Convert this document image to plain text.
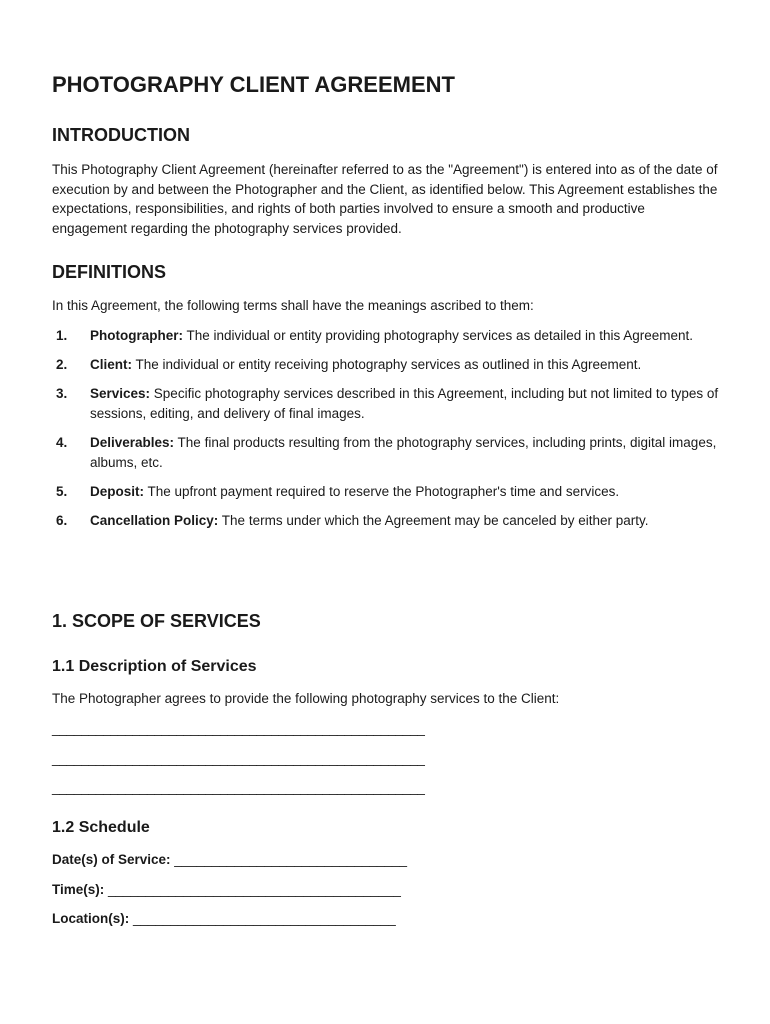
PHOTOGRAPHY CLIENT AGREEMENT
INTRODUCTION

This Photography Client Agreement (hereinafter referred to as the "Agreement") is entered into as of the date of execution by and between the Photographer and the Client, as identified below. This Agreement establishes the expectations, responsibilities, and rights of both parties involved to ensure a smooth and productive engagement regarding the photography services provided.

DEFINITIONS

In this Agreement, the following terms shall have the meanings ascribed to them:

1. Photographer: The individual or entity providing photography services as detailed in this Agreement.
2. Client: The individual or entity receiving photography services as outlined in this Agreement.
3. Services: Specific photography services described in this Agreement, including but not limited to types of sessions, editing, and delivery of final images.
4. Deliverables: The final products resulting from the photography services, including prints, digital images, albums, etc.
5. Deposit: The upfront payment required to reserve the Photographer's time and services.
6. Cancellation Policy: The terms under which the Agreement may be canceled by either party.
1. SCOPE OF SERVICES
1.1 Description of Services

The Photographer agrees to provide the following photography services to the Client:

___________________________________________________
___________________________________________________
___________________________________________________
1.2 Schedule
Date(s) of Service: _______________________________
Time(s): _______________________________________
Location(s): ___________________________________
